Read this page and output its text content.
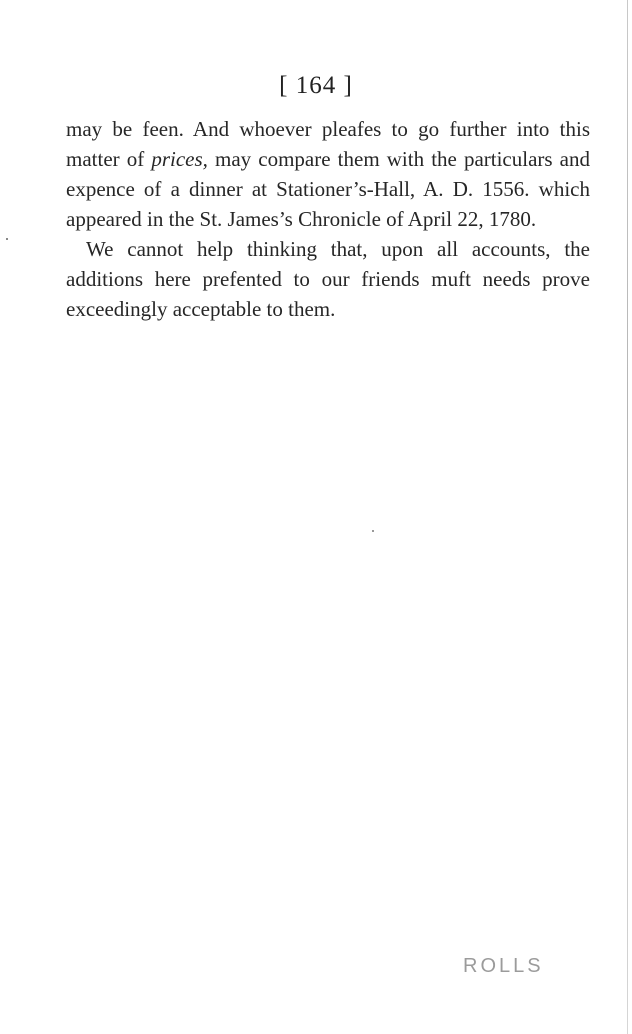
[ 164 ]

may be feen. And whoever pleafes to go further into this matter of prices, may compare them with the particulars and expence of a dinner at Stationer’s-Hall, A. D. 1556. which appeared in the St. James’s Chronicle of April 22, 1780.

We cannot help thinking that, upon all accounts, the additions here prefented to our friends muft needs prove exceedingly acceptable to them.

ROLLS
